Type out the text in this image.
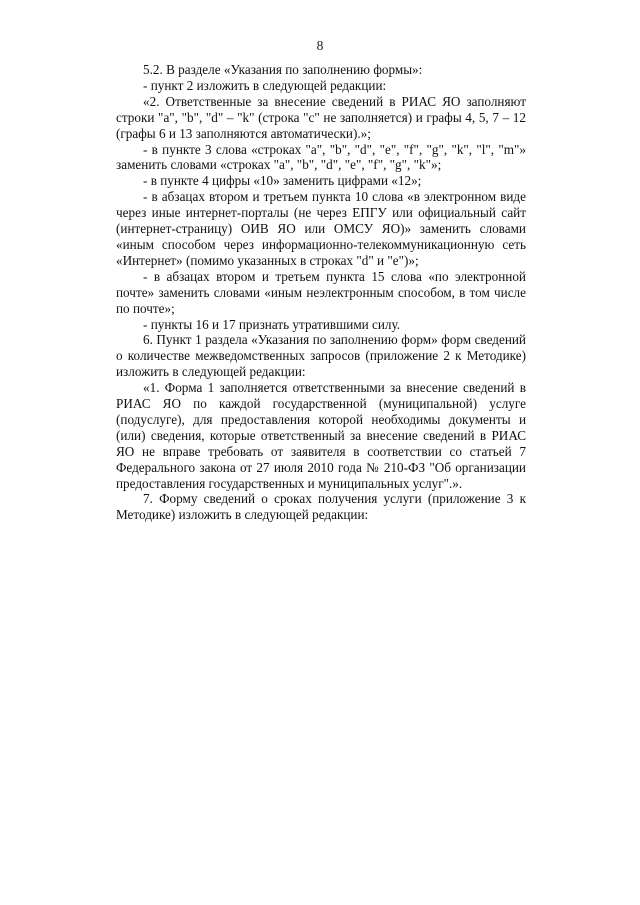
8

5.2. В разделе «Указания по заполнению формы»:

- пункт 2 изложить в следующей редакции:

«2. Ответственные за внесение сведений в РИАС ЯО заполняют строки "a", "b", "d" – "k" (строка "c" не заполняется) и графы 4, 5, 7 – 12 (графы 6 и 13 заполняются автоматически).»;

- в пункте 3 слова «строках "a", "b", "d", "e", "f", "g", "k", "l", "m"» заменить словами «строках "a", "b", "d", "e", "f", "g", "k"»;

- в пункте 4 цифры «10» заменить цифрами «12»;

- в абзацах втором и третьем пункта 10 слова «в электронном виде через иные интернет-порталы (не через ЕПГУ или официальный сайт (интернет-страницу) ОИВ ЯО или ОМСУ ЯО)» заменить словами «иным способом через информационно-телекоммуникационную сеть «Интернет» (помимо указанных в строках "d" и "e")»;

- в абзацах втором и третьем пункта 15 слова «по электронной почте» заменить словами «иным неэлектронным способом, в том числе по почте»;

- пункты 16 и 17 признать утратившими силу.

6. Пункт 1 раздела «Указания по заполнению форм» форм сведений о количестве межведомственных запросов (приложение 2 к Методике) изложить в следующей редакции:

«1. Форма 1 заполняется ответственными за внесение сведений в РИАС ЯО по каждой государственной (муниципальной) услуге (подуслуге), для предоставления которой необходимы документы и (или) сведения, которые ответственный за внесение сведений в РИАС ЯО не вправе требовать от заявителя в соответствии со статьей 7 Федерального закона от 27 июля 2010 года № 210-ФЗ "Об организации предоставления государственных и муниципальных услуг".».

7. Форму сведений о сроках получения услуги (приложение 3 к Методике) изложить в следующей редакции:
